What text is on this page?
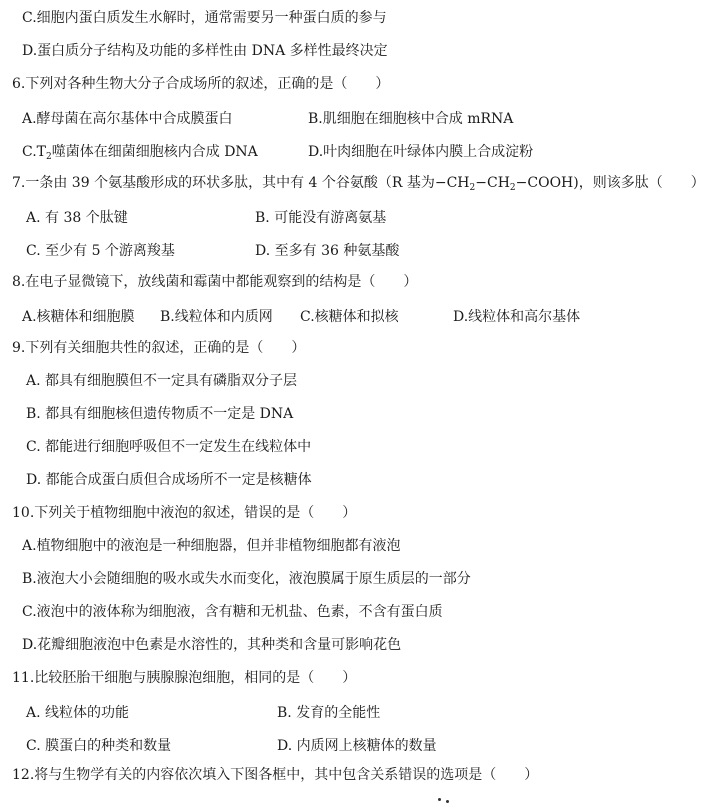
C.细胞内蛋白质发生水解时，通常需要另一种蛋白质的参与
D.蛋白质分子结构及功能的多样性由 DNA 多样性最终决定
6.下列对各种生物大分子合成场所的叙述，正确的是（　　）
A.酵母菌在高尔基体中合成膜蛋白	B.肌细胞在细胞核中合成 mRNA
$C.T_2$噬菌体在细菌细胞核内合成 DNA	D.叶肉细胞在叶绿体内膜上合成淀粉
7.一条由 39 个氨基酸形成的环状多肽，其中有 4 个谷氨酸（R 基为$-CH_2-CH_2-COOH$)，则该多肽（　　）
A. 有 38 个肽键	B. 可能没有游离氨基
C. 至少有 5 个游离羧基	D. 至多有 36 种氨基酸
8.在电子显微镜下，放线菌和霉菌中都能观察到的结构是（　　）
A.核糖体和细胞膜 B.线粒体和内质网 C.核糖体和拟核	D.线粒体和高尔基体
9.下列有关细胞共性的叙述，正确的是（　　）
A. 都具有细胞膜但不一定具有磷脂双分子层
B. 都具有细胞核但遗传物质不一定是 DNA
C. 都能进行细胞呼吸但不一定发生在线粒体中
D. 都能合成蛋白质但合成场所不一定是核糖体
10.下列关于植物细胞中液泡的叙述，错误的是（　　）
A.植物细胞中的液泡是一种细胞器，但并非植物细胞都有液泡
B.液泡大小会随细胞的吸水或失水而变化，液泡膜属于原生质层的一部分
C.液泡中的液体称为细胞液，含有糖和无机盐、色素，不含有蛋白质
D.花瓣细胞液泡中色素是水溶性的，其种类和含量可影响花色
11.比较胚胎干细胞与胰腺腺泡细胞，相同的是（　　）
A. 线粒体的功能	B. 发育的全能性
C. 膜蛋白的种类和数量	D. 内质网上核糖体的数量
12.将与生物学有关的内容依次填入下图各框中，其中包含关系错误的选项是（　　）
